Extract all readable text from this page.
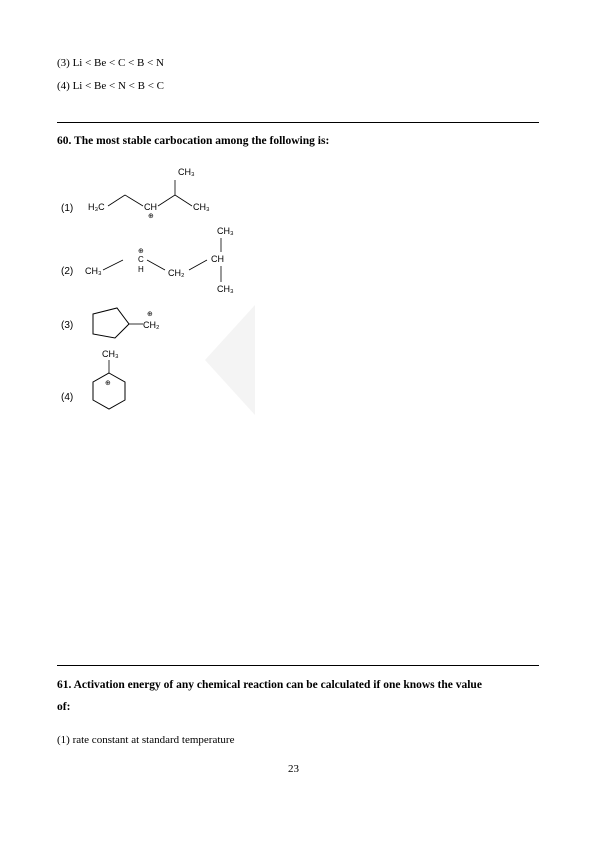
(3) Li < Be < C < B < N
(4) Li < Be < N < B < C
60. The most stable carbocation among the following is:
(1) H₃C	CH
⊕
CH₃
CH₃
(2) CH₃
⊕
C
H	CH₂
CH₃
CH
CH₃
(3)
⊕
CH₂
(4)
CH₃
⊕
61. Activation energy of any chemical reaction can be calculated if one knows the value
of:
(1) rate constant at standard temperature
23
